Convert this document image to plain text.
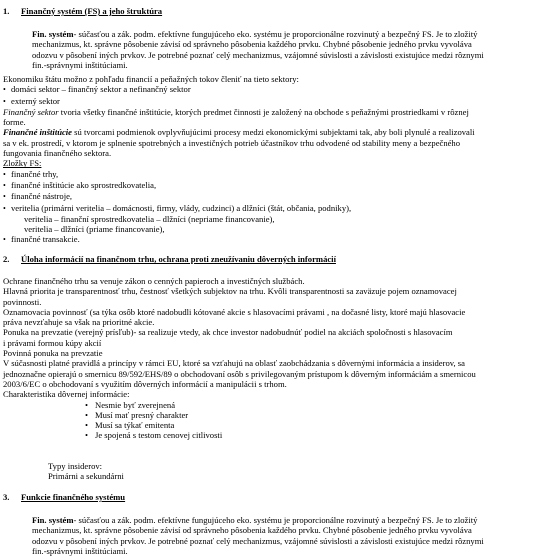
1. Finančný systém (FS) a jeho štruktúra
Fin. systém- súčasťou a zák. podm. efektívne fungujúceho eko. systému je proporcionálne rozvinutý a bezpečný FS. Je to zložitý
mechanizmus, kt. správne pôsobenie závisí od správneho pôsobenia každého prvku. Chybné pôsobenie jedného prvku vyvoláva
odozvu v pôsobení iných prvkov. Je potrebné poznať celý mechanizmus, vzájomné súvislosti a závislosti existujúce medzi rôznymi
fin.-správnymi inštitúciami.
Ekonomiku štátu možno z pohľadu financií a peňažných tokov členiť na tieto sektory:
• domáci sektor – finančný sektor a nefinančný sektor
• externý sektor
Finančný sektor tvoria všetky finančné inštitúcie, ktorých predmet činnosti je založený na obchode s peňažnými prostriedkami v rôznej
forme.
Finančné inštitúcie sú tvorcami podmienok ovplyvňujúcimi procesy medzi ekonomickými subjektami tak, aby boli plynulé a realizovali
sa v ek. prostredí, v ktorom je splnenie spotrebných a investičných potrieb účastníkov trhu odvodené od stability meny a bezpečného
fungovania finančného sektora.
Zložky FS:
• finančné trhy,
• finančné inštitúcie ako sprostredkovatelia,
• finančné nástroje,
• veritelia (primárni veritelia – domácnosti, firmy, vlády, cudzinci) a dlžníci (štát, občania, podniky),
veritelia – finanční sprostredkovatelia – dlžníci (nepriame financovanie),
veritelia – dlžníci (priame financovanie),
• finančné transakcie.
2. Úloha informácií na finančnom trhu, ochrana proti zneužívaniu dôverných informácií
Ochrane finančného trhu sa venuje zákon o cenných papieroch a investičných službách.
Hlavná priorita je transparentnosť trhu, čestnosť všetkých subjektov na trhu. Kvôli transparentnosti sa zaväzuje pojem oznamovacej
povinnosti.
Oznamovacia povinnosť (sa týka osôb ktoré nadobudli kótované akcie s hlasovacími právami , na dočasné listy, ktoré majú hlasovacie
práva nevzťahuje sa však na prioritné akcie.
Ponuka na prevzatie (verejný prísľub)- sa realizuje vtedy, ak chce investor nadobudnúť podiel na akciách spoločnosti s hlasovacím
i právami formou kúpy akcií
Povinná ponuka na prevzatie
V súčasnosti platné pravidlá a princípy v rámci EU, ktoré sa vzťahujú na oblasť zaobchádzania s dôvernými informácia a insiderov, sa
jednoznačne opierajú o smernicu 89/592/EHS/89 o obchodovaní osôb s privilegovaným prístupom k dôverným informáciám a smernicou
2003/6/EC o obchodovaní s využitím dôverných informácií a manipulácii s trhom.
Charakteristika dôvernej informácie:
• Nesmie byť zverejnená
• Musí mať presný charakter
• Musí sa týkať emitenta
• Je spojená s testom cenovej citlivosti
Typy insiderov:
Primárni a sekundárni
3. Funkcie finančného systému
Fin. systém- súčasťou a zák. podm. efektívne fungujúceho eko. systému je proporcionálne rozvinutý a bezpečný FS. Je to zložitý
mechanizmus, kt. správne pôsobenie závisí od správneho pôsobenia každého prvku. Chybné pôsobenie jedného prvku vyvoláva
odozvu v pôsobení iných prvkov. Je potrebné poznať celý mechanizmus, vzájomné súvislosti a závislosti existujúce medzi rôznymi
fin.-správnymi inštitúciami.
